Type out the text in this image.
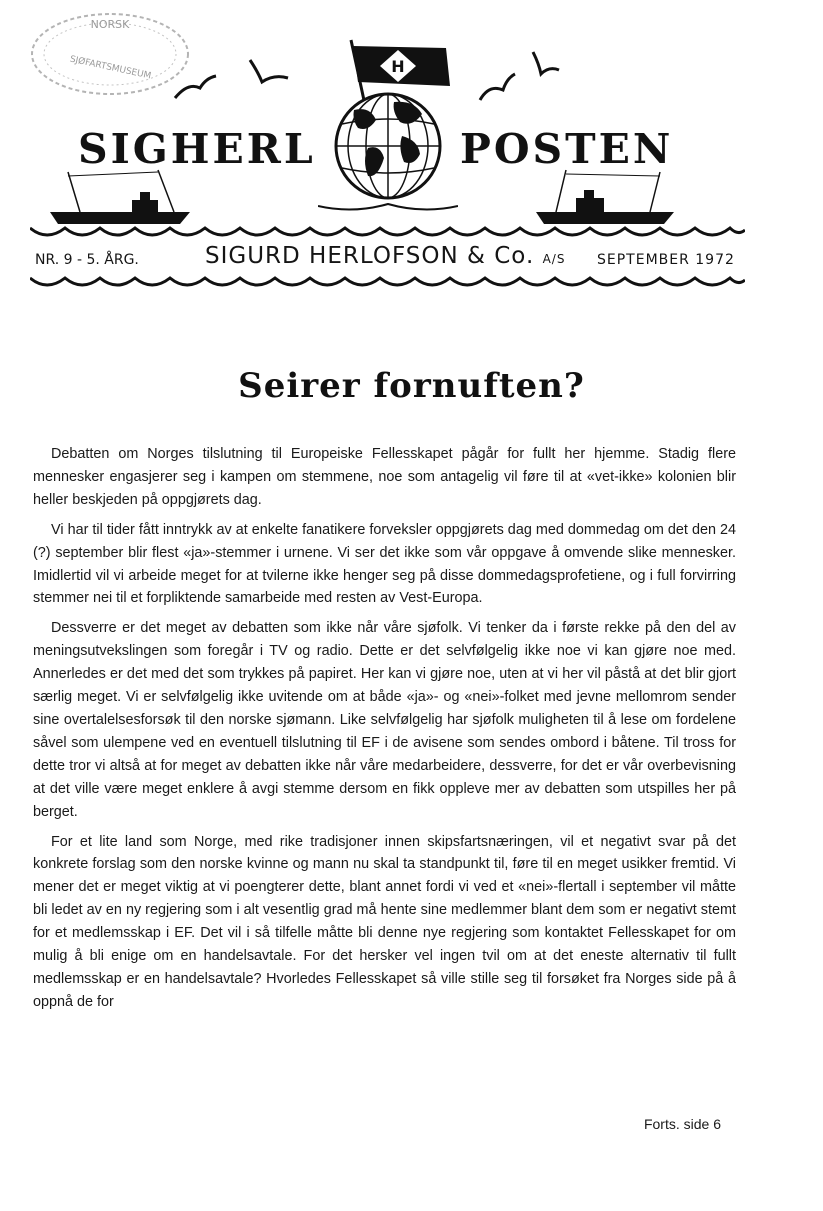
NORSK
SJØFARTSMUSEUM
SIGHERL	POSTEN
H
NR. 9 - 5. ÅRG.	SIGURD HERLOFSON & Co. A/S SEPTEMBER 1972
Seirer fornuften?

Debatten om Norges tilslutning til Europeiske Fellesskapet pågår for fullt her hjemme. Stadig flere mennesker engasjerer seg i kampen om stemmene, noe som antagelig vil føre til at «vet-ikke» kolonien blir heller beskjeden på oppgjørets dag.

Vi har til tider fått inntrykk av at enkelte fanatikere forveksler oppgjørets dag med dommedag om det den 24 (?) september blir flest «ja»-stemmer i urnene. Vi ser det ikke som vår oppgave å omvende slike mennesker. Imidlertid vil vi arbeide meget for at tvilerne ikke henger seg på disse dommedagsprofetiene, og i full forvirring stemmer nei til et forpliktende samarbeide med resten av Vest-Europa.

Dessverre er det meget av debatten som ikke når våre sjøfolk. Vi tenker da i første rekke på den del av meningsutvekslingen som foregår i TV og radio. Dette er det selvfølgelig ikke noe vi kan gjøre noe med. Annerledes er det med det som trykkes på papiret. Her kan vi gjøre noe, uten at vi her vil påstå at det blir gjort særlig meget. Vi er selvfølgelig ikke uvitende om at både «ja»- og «nei»-folket med jevne mellomrom sender sine overtalelsesforsøk til den norske sjømann. Like selvfølgelig har sjøfolk muligheten til å lese om fordelene såvel som ulempene ved en eventuell tilslutning til EF i de avisene som sendes ombord i båtene. Til tross for dette tror vi altså at for meget av debatten ikke når våre medarbeidere, dessverre, for det er vår overbevisning at det ville være meget enklere å avgi stemme dersom en fikk oppleve mer av debatten som utspilles her på berget.

For et lite land som Norge, med rike tradisjoner innen skipsfartsnæringen, vil et negativt svar på det konkrete forslag som den norske kvinne og mann nu skal ta standpunkt til, føre til en meget usikker fremtid. Vi mener det er meget viktig at vi poengterer dette, blant annet fordi vi ved et «nei»-flertall i september vil måtte bli ledet av en ny regjering som i alt vesentlig grad må hente sine medlemmer blant dem som er negativt stemt for et medlemsskap i EF. Det vil i så tilfelle måtte bli denne nye regjering som kontaktet Fellesskapet for om mulig å bli enige om en handelsavtale. For det hersker vel ingen tvil om at det eneste alternativ til fullt medlemsskap er en handelsavtale? Hvorledes Fellesskapet så ville stille seg til forsøket fra Norges side på å oppnå de for

Forts. side 6
